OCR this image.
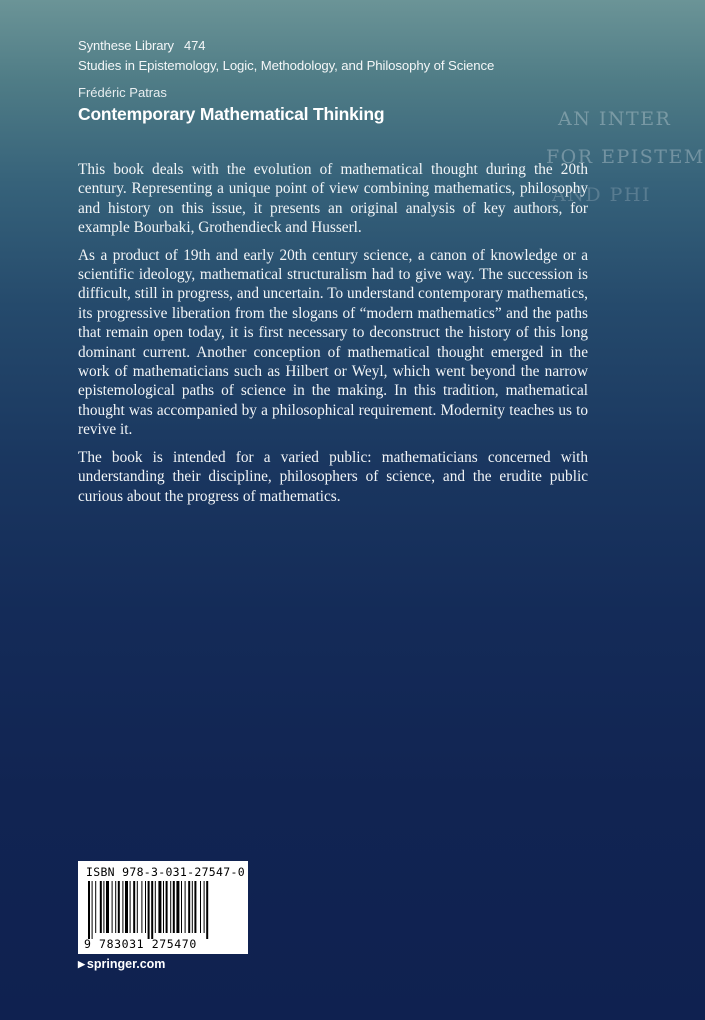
Synthese Library 474
Studies in Epistemology, Logic, Methodology, and Philosophy of Science
Frédéric Patras
Contemporary Mathematical Thinking	AN INTER
FOR EPISTEM
AND PHI

This book deals with the evolution of mathematical thought during the 20th century. Representing a unique point of view combining mathematics, philosophy and history on this issue, it presents an original analysis of key authors, for example Bourbaki, Grothendieck and Husserl.

As a product of 19th and early 20th century science, a canon of knowledge or a scientific ideology, mathematical structuralism had to give way. The succession is difficult, still in progress, and uncertain. To understand contemporary mathematics, its progressive liberation from the slogans of “modern mathematics” and the paths that remain open today, it is first necessary to deconstruct the history of this long dominant current. Another conception of mathematical thought emerged in the work of mathematicians such as Hilbert or Weyl, which went beyond the narrow epistemological paths of science in the making. In this tradition, mathematical thought was accompanied by a philosophical requirement. Modernity teaches us to revive it.

The book is intended for a varied public: mathematicians concerned with understanding their discipline, philosophers of science, and the erudite public curious about the progress of mathematics.

ISBN 978-3-031-27547-0
9 783031 275470
▶ springer.com
